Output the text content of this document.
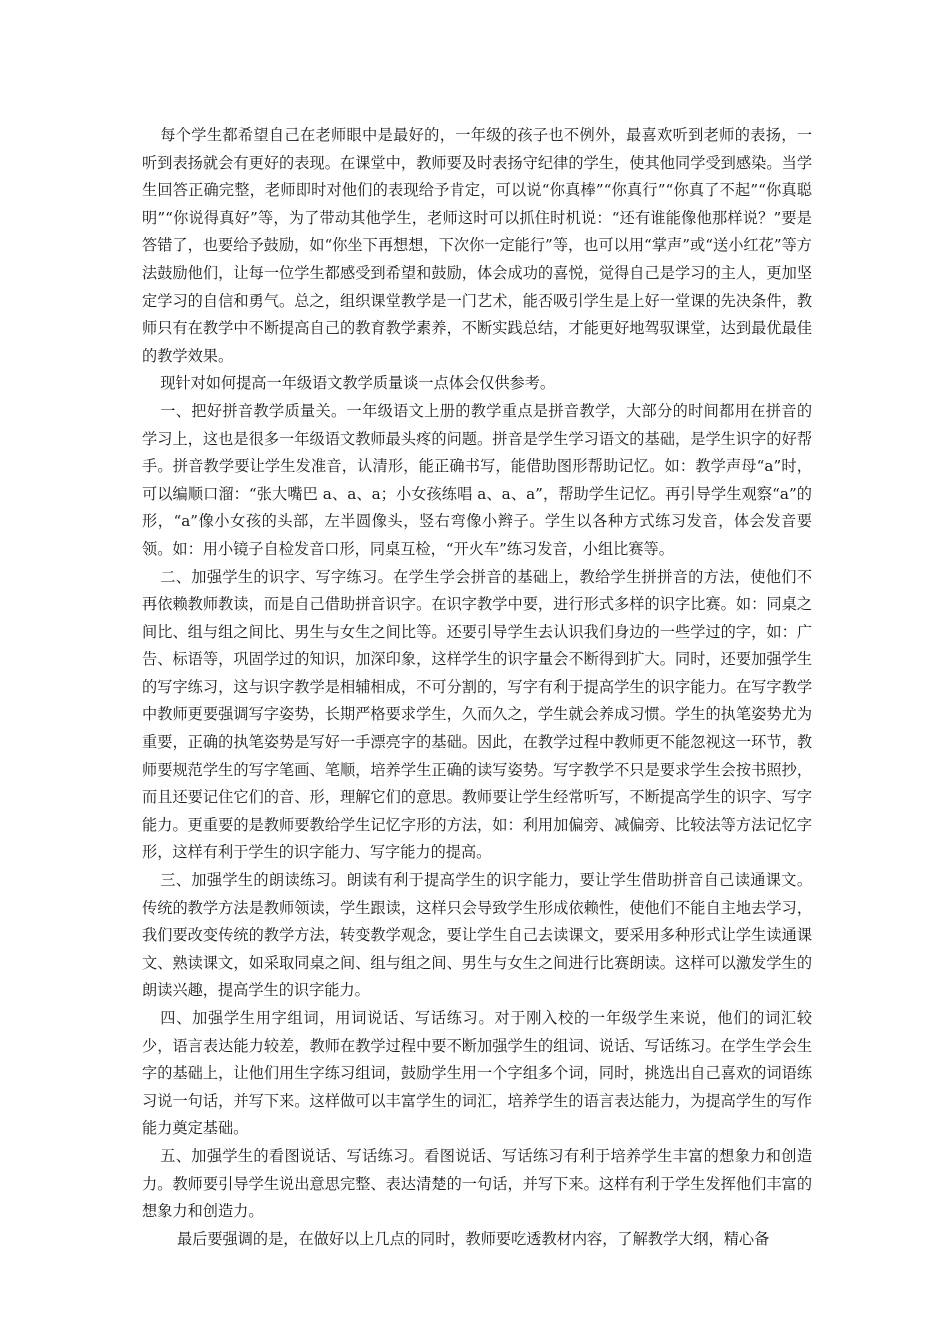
每个学生都希望自己在老师眼中是最好的，一年级的孩子也不例外，最喜欢听到老师的表扬，一听到表扬就会有更好的表现。在课堂中，教师要及时表扬守纪律的学生，使其他同学受到感染。当学生回答正确完整，老师即时对他们的表现给予肯定，可以说“你真棒”“你真行”“你真了不起”“你真聪明”“你说得真好”等，为了带动其他学生，老师这时可以抓住时机说：“还有谁能像他那样说？”要是答错了，也要给予鼓励，如“你坐下再想想，下次你一定能行”等，也可以用“掌声”或“送小红花”等方法鼓励他们，让每一位学生都感受到希望和鼓励，体会成功的喜悦，觉得自己是学习的主人，更加坚定学习的自信和勇气。总之，组织课堂教学是一门艺术，能否吸引学生是上好一堂课的先决条件，教师只有在教学中不断提高自己的教育教学素养，不断实践总结，才能更好地驾驭课堂，达到最优最佳的教学效果。

现针对如何提高一年级语文教学质量谈一点体会仅供参考。

一、把好拼音教学质量关。一年级语文上册的教学重点是拼音教学，大部分的时间都用在拼音的学习上，这也是很多一年级语文教师最头疼的问题。拼音是学生学习语文的基础，是学生识字的好帮手。拼音教学要让学生发准音，认清形，能正确书写，能借助图形帮助记忆。如：教学声母“a”时，可以编顺口溜：“张大嘴巴 a、a、a；小女孩练唱 a、a、a”，帮助学生记忆。再引导学生观察“a”的形，“a”像小女孩的头部，左半圆像头，竖右弯像小辫子。学生以各种方式练习发音，体会发音要领。如：用小镜子自检发音口形，同桌互检，“开火车”练习发音，小组比赛等。

二、加强学生的识字、写字练习。在学生学会拼音的基础上，教给学生拼拼音的方法，使他们不再依赖教师教读，而是自己借助拼音识字。在识字教学中要，进行形式多样的识字比赛。如：同桌之间比、组与组之间比、男生与女生之间比等。还要引导学生去认识我们身边的一些学过的字，如：广告、标语等，巩固学过的知识，加深印象，这样学生的识字量会不断得到扩大。同时，还要加强学生的写字练习，这与识字教学是相辅相成，不可分割的，写字有利于提高学生的识字能力。在写字教学中教师更要强调写字姿势，长期严格要求学生，久而久之，学生就会养成习惯。学生的执笔姿势尤为重要，正确的执笔姿势是写好一手漂亮字的基础。因此，在教学过程中教师更不能忽视这一环节，教师要规范学生的写字笔画、笔顺，培养学生正确的读写姿势。写字教学不只是要求学生会按书照抄，而且还要记住它们的音、形，理解它们的意思。教师要让学生经常听写，不断提高学生的识字、写字能力。更重要的是教师要教给学生记忆字形的方法，如：利用加偏旁、减偏旁、比较法等方法记忆字形，这样有利于学生的识字能力、写字能力的提高。

三、加强学生的朗读练习。朗读有利于提高学生的识字能力，要让学生借助拼音自己读通课文。传统的教学方法是教师领读，学生跟读，这样只会导致学生形成依赖性，使他们不能自主地去学习，我们要改变传统的教学方法，转变教学观念，要让学生自己去读课文，要采用多种形式让学生读通课文、熟读课文，如采取同桌之间、组与组之间、男生与女生之间进行比赛朗读。这样可以激发学生的朗读兴趣，提高学生的识字能力。

四、加强学生用字组词，用词说话、写话练习。对于刚入校的一年级学生来说，他们的词汇较少，语言表达能力较差，教师在教学过程中要不断加强学生的组词、说话、写话练习。在学生学会生字的基础上，让他们用生字练习组词，鼓励学生用一个字组多个词，同时，挑选出自己喜欢的词语练习说一句话，并写下来。这样做可以丰富学生的词汇，培养学生的语言表达能力，为提高学生的写作能力奠定基础。

五、加强学生的看图说话、写话练习。看图说话、写话练习有利于培养学生丰富的想象力和创造力。教师要引导学生说出意思完整、表达清楚的一句话，并写下来。这样有利于学生发挥他们丰富的想象力和创造力。

最后要强调的是，在做好以上几点的同时，教师要吃透教材内容，了解教学大纲，精心备
